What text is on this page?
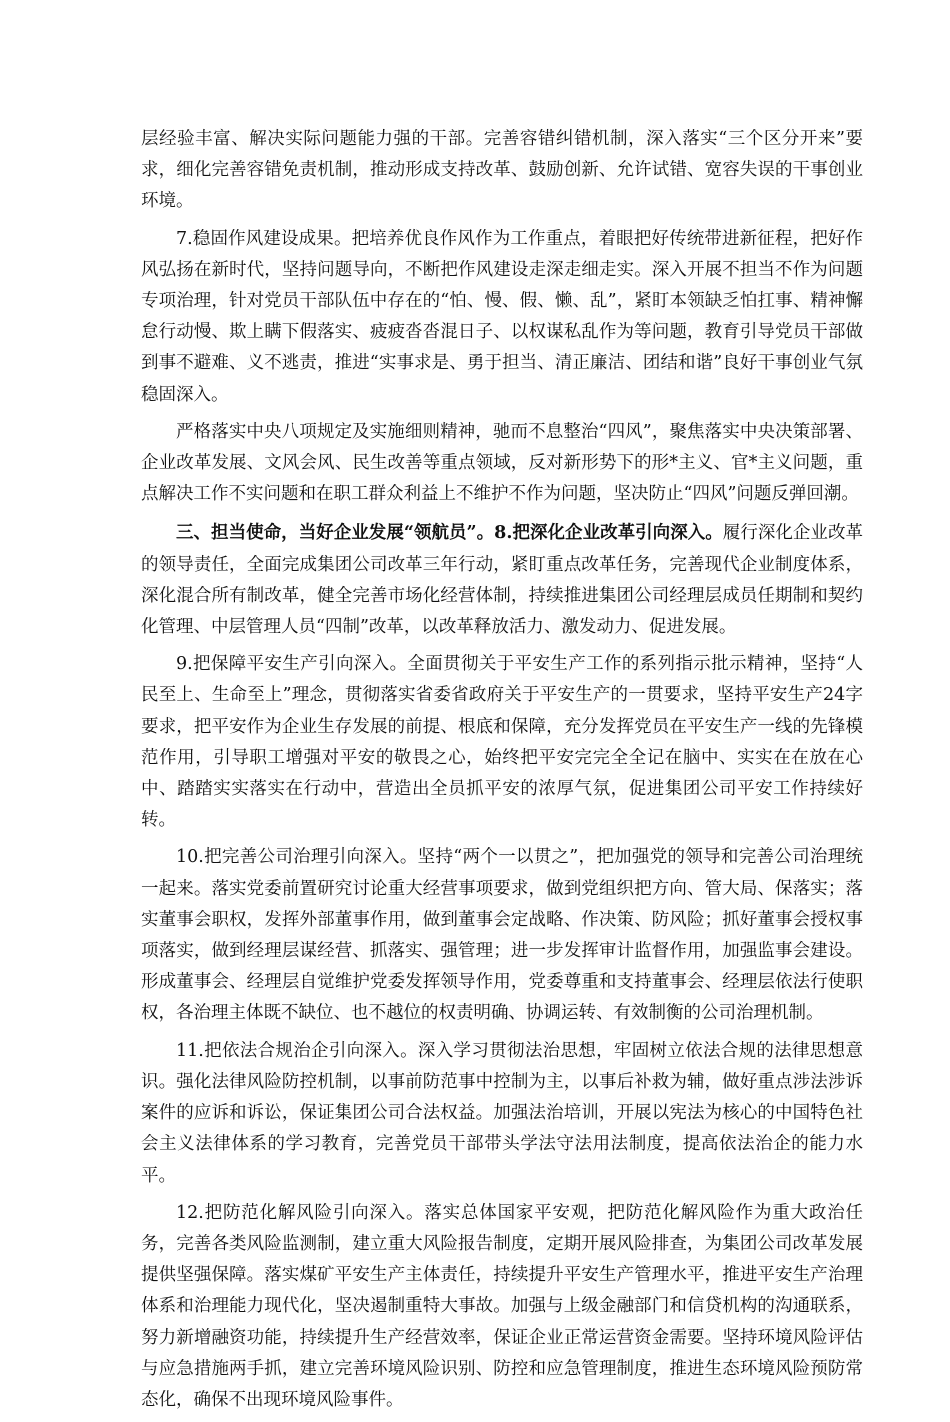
层经验丰富、解决实际问题能力强的干部。完善容错纠错机制，深入落实“三个区分开来”要求，细化完善容错免责机制，推动形成支持改革、鼓励创新、允许试错、宽容失误的干事创业环境。

7.稳固作风建设成果。把培养优良作风作为工作重点，着眼把好传统带进新征程，把好作风弘扬在新时代，坚持问题导向，不断把作风建设走深走细走实。深入开展不担当不作为问题专项治理，针对党员干部队伍中存在的“怕、慢、假、懒、乱”，紧盯本领缺乏怕扛事、精神懈怠行动慢、欺上瞒下假落实、疲疲沓沓混日子、以权谋私乱作为等问题，教育引导党员干部做到事不避难、义不逃责，推进“实事求是、勇于担当、清正廉洁、团结和谐”良好干事创业气氛稳固深入。

严格落实中央八项规定及实施细则精神，驰而不息整治“四风”，聚焦落实中央决策部署、企业改革发展、文风会风、民生改善等重点领域，反对新形势下的形*主义、官*主义问题，重点解决工作不实问题和在职工群众利益上不维护不作为问题，坚决防止“四风”问题反弹回潮。

三、担当使命，当好企业发展“领航员”。8.把深化企业改革引向深入。履行深化企业改革的领导责任，全面完成集团公司改革三年行动，紧盯重点改革任务，完善现代企业制度体系，深化混合所有制改革，健全完善市场化经营体制，持续推进集团公司经理层成员任期制和契约化管理、中层管理人员“四制”改革，以改革释放活力、激发动力、促进发展。

9.把保障平安生产引向深入。全面贯彻关于平安生产工作的系列指示批示精神，坚持“人民至上、生命至上”理念，贯彻落实省委省政府关于平安生产的一贯要求，坚持平安生产24字要求，把平安作为企业生存发展的前提、根底和保障，充分发挥党员在平安生产一线的先锋模范作用，引导职工增强对平安的敬畏之心，始终把平安完完全全记在脑中、实实在在放在心中、踏踏实实落实在行动中，营造出全员抓平安的浓厚气氛，促进集团公司平安工作持续好转。

10.把完善公司治理引向深入。坚持“两个一以贯之”，把加强党的领导和完善公司治理统一起来。落实党委前置研究讨论重大经营事项要求，做到党组织把方向、管大局、保落实；落实董事会职权，发挥外部董事作用，做到董事会定战略、作决策、防风险；抓好董事会授权事项落实，做到经理层谋经营、抓落实、强管理；进一步发挥审计监督作用，加强监事会建设。形成董事会、经理层自觉维护党委发挥领导作用，党委尊重和支持董事会、经理层依法行使职权，各治理主体既不缺位、也不越位的权责明确、协调运转、有效制衡的公司治理机制。

11.把依法合规治企引向深入。深入学习贯彻法治思想，牢固树立依法合规的法律思想意识。强化法律风险防控机制，以事前防范事中控制为主，以事后补救为辅，做好重点涉法涉诉案件的应诉和诉讼，保证集团公司合法权益。加强法治培训，开展以宪法为核心的中国特色社会主义法律体系的学习教育，完善党员干部带头学法守法用法制度，提高依法治企的能力水平。

12.把防范化解风险引向深入。落实总体国家平安观，把防范化解风险作为重大政治任务，完善各类风险监测制，建立重大风险报告制度，定期开展风险排查，为集团公司改革发展提供坚强保障。落实煤矿平安生产主体责任，持续提升平安生产管理水平，推进平安生产治理体系和治理能力现代化，坚决遏制重特大事故。加强与上级金融部门和信贷机构的沟通联系，努力新增融资功能，持续提升生产经营效率，保证企业正常运营资金需要。坚持环境风险评估与应急措施两手抓，建立完善环境风险识别、防控和应急管理制度，推进生态环境风险预防常态化，确保不出现环境风险事件。
